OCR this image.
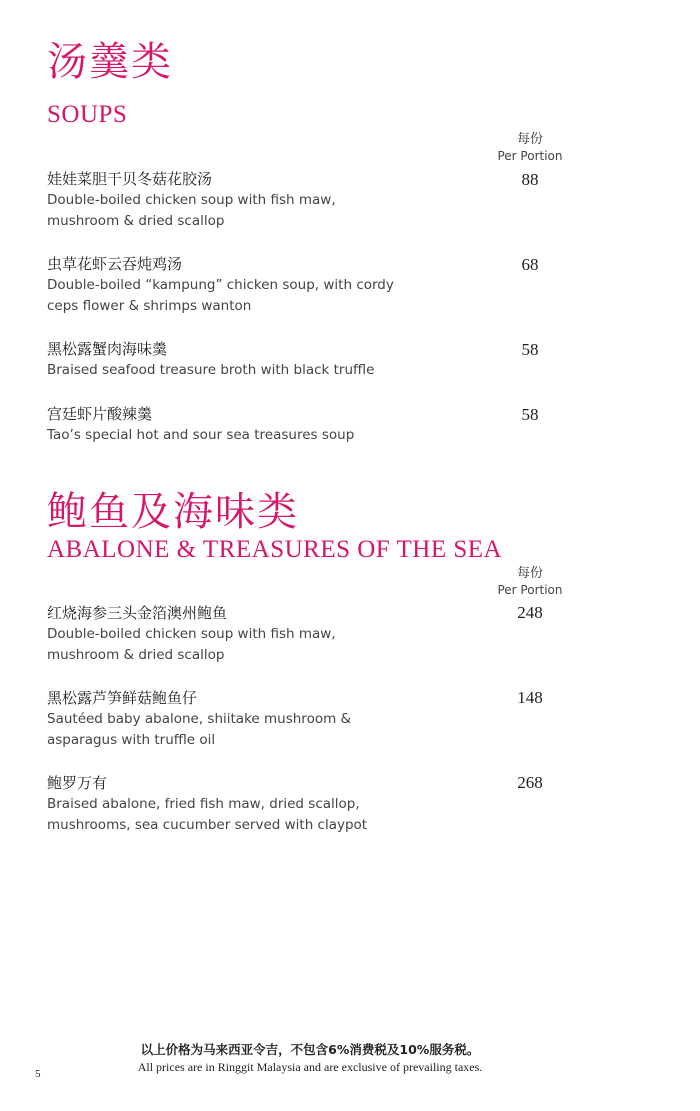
汤羹类
SOUPS
每份
Per Portion
娃娃菜胆干贝冬菇花胶汤
Double-boiled chicken soup with fish maw,
mushroom & dried scallop
88
虫草花虾云吞炖鸡汤
Double-boiled “kampung” chicken soup, with cordy
ceps flower & shrimps wanton
68
黑松露蟹肉海味羹
Braised seafood treasure broth with black truffle
58
宫廷虾片酸辣羹
Tao’s special hot and sour sea treasures soup
58
鲍鱼及海味类
ABALONE & TREASURES OF THE SEA
每份
Per Portion
红烧海参三头金箔澳州鲍鱼
Double-boiled chicken soup with fish maw,
mushroom & dried scallop
248
黑松露芦笋鲜菇鲍鱼仔
Sautéed baby abalone, shiitake mushroom &
asparagus with truffle oil
148
鲍罗万有
Braised abalone, fried fish maw, dried scallop,
mushrooms, sea cucumber served with claypot
268
以上价格为马来西亚令吉，不包含6%消费税及10%服务税。
All prices are in Ringgit Malaysia and are exclusive of prevailing taxes.
5
